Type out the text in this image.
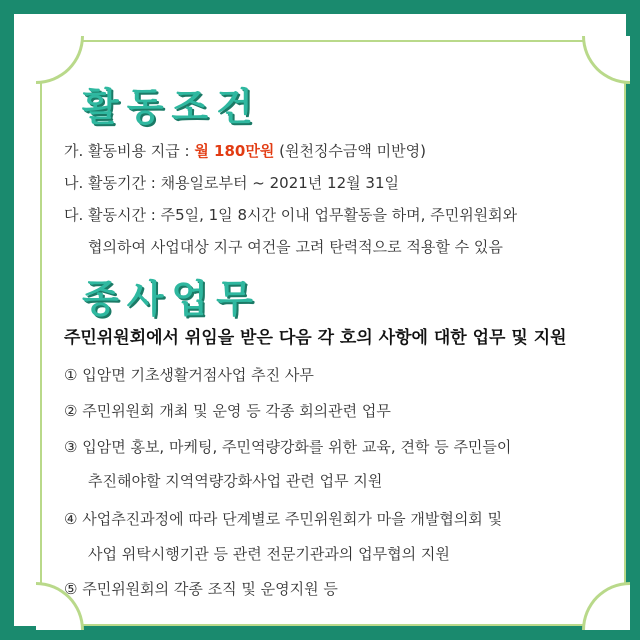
활동조건
가. 활동비용 지급 : 월 180만원 (원천징수금액 미반영)
나. 활동기간 : 채용일로부터 ~ 2021년 12월 31일
다. 활동시간 : 주5일, 1일 8시간 이내 업무활동을 하며, 주민위원회와
협의하여 사업대상 지구 여건을 고려 탄력적으로 적용할 수 있음
종사업무
주민위원회에서 위임을 받은 다음 각 호의 사항에 대한 업무 및 지원
① 입암면 기초생활거점사업 추진 사무
② 주민위원회 개최 및 운영 등 각종 회의관련 업무
③ 입암면 홍보, 마케팅, 주민역량강화를 위한 교육, 견학 등 주민들이
추진해야할 지역역량강화사업 관련 업무 지원
④ 사업추진과정에 따라 단계별로 주민위원회가 마을 개발협의회 및
사업 위탁시행기관 등 관련 전문기관과의 업무협의 지원
⑤ 주민위원회의 각종 조직 및 운영지원 등
